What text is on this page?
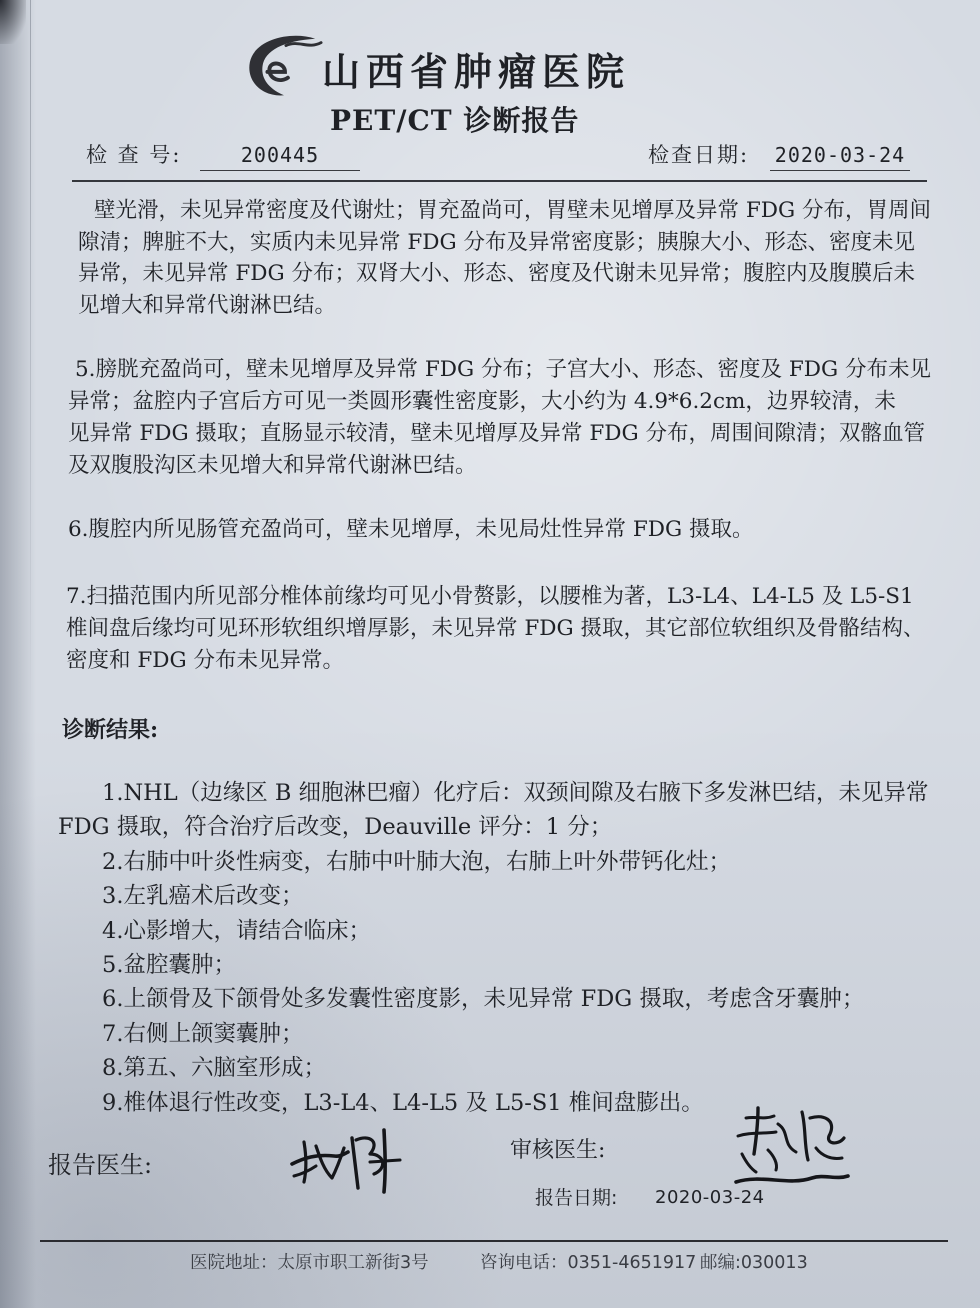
山西省肿瘤医院
PET/CT 诊断报告
检 查 号:	200445	检查日期: 2020-03-24
壁光滑，未见异常密度及代谢灶；胃充盈尚可，胃壁未见增厚及异常 FDG 分布，胃周间
隙清；脾脏不大，实质内未见异常 FDG 分布及异常密度影；胰腺大小、形态、密度未见
异常，未见异常 FDG 分布；双肾大小、形态、密度及代谢未见异常；腹腔内及腹膜后未
见增大和异常代谢淋巴结。
5.膀胱充盈尚可，壁未见增厚及异常 FDG 分布；子宫大小、形态、密度及 FDG 分布未见
异常；盆腔内子宫后方可见一类圆形囊性密度影，大小约为 4.9*6.2cm，边界较清，未
见异常 FDG 摄取；直肠显示较清，壁未见增厚及异常 FDG 分布，周围间隙清；双髂血管
及双腹股沟区未见增大和异常代谢淋巴结。
6.腹腔内所见肠管充盈尚可，壁未见增厚，未见局灶性异常 FDG 摄取。
7.扫描范围内所见部分椎体前缘均可见小骨赘影，以腰椎为著，L3-L4、L4-L5 及 L5-S1
椎间盘后缘均可见环形软组织增厚影，未见异常 FDG 摄取，其它部位软组织及骨骼结构、
密度和 FDG 分布未见异常。
诊断结果:
1.NHL（边缘区 B 细胞淋巴瘤）化疗后：双颈间隙及右腋下多发淋巴结，未见异常
FDG 摄取，符合治疗后改变，Deauville 评分：1 分；
2.右肺中叶炎性病变，右肺中叶肺大泡，右肺上叶外带钙化灶；
3.左乳癌术后改变；
4.心影增大，请结合临床；
5.盆腔囊肿；
6.上颌骨及下颌骨处多发囊性密度影，未见异常 FDG 摄取，考虑含牙囊肿；
7.右侧上颌窦囊肿；
8.第五、六脑室形成；
9.椎体退行性改变，L3-L4、L4-L5 及 L5-S1 椎间盘膨出。
报告医生:
审核医生:
报告日期: 2020-03-24
医院地址：太原市职工新街3号	咨询电话：0351-4651917 邮编:030013
